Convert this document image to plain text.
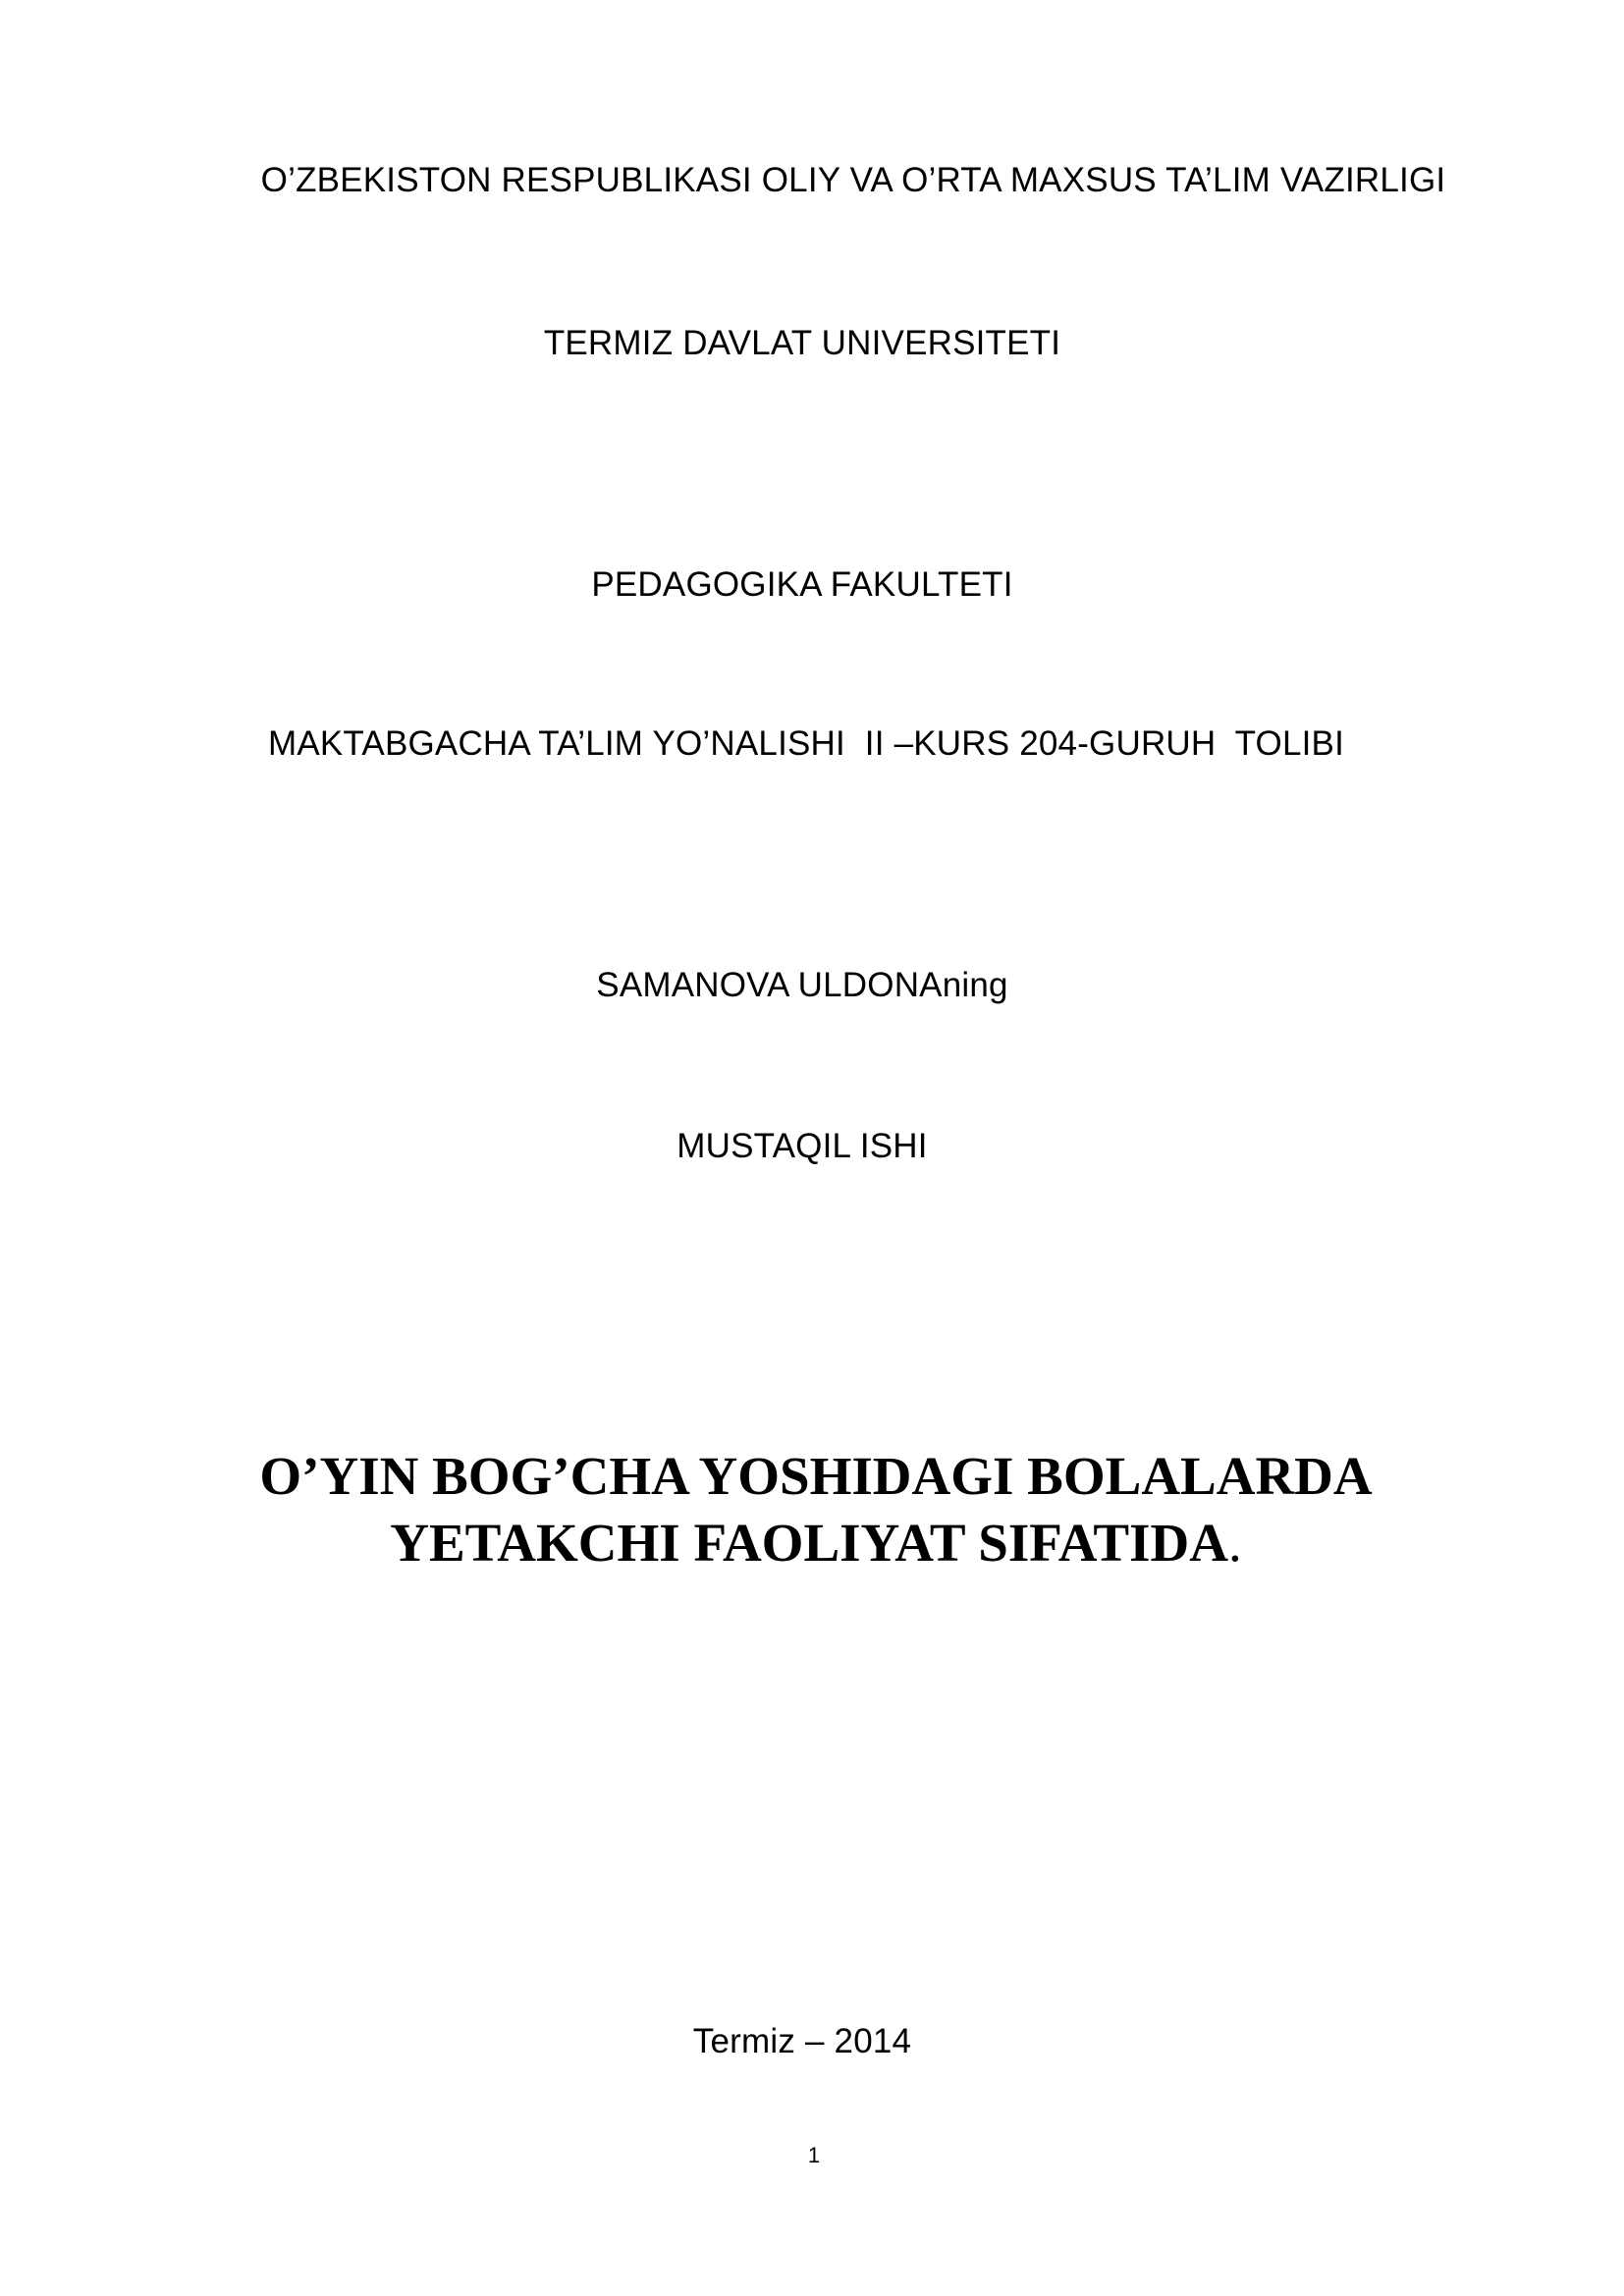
O’ZBEKISTON RESPUBLIKASI OLIY VA O’RTA MAXSUS TA’LIM VAZIRLIGI
TERMIZ DAVLAT UNIVERSITETI
PEDAGOGIKA FAKULTETI
MAKTABGACHA TA’LIM YO’NALISHI  II –KURS 204-GURUH  TOLIBI
SAMANOVA ULDONAning
MUSTAQIL ISHI
O’YIN BOG’CHA YOSHIDAGI BOLALARDA
YETAKCHI FAOLIYAT SIFATIDA.
Termiz – 2014
1
